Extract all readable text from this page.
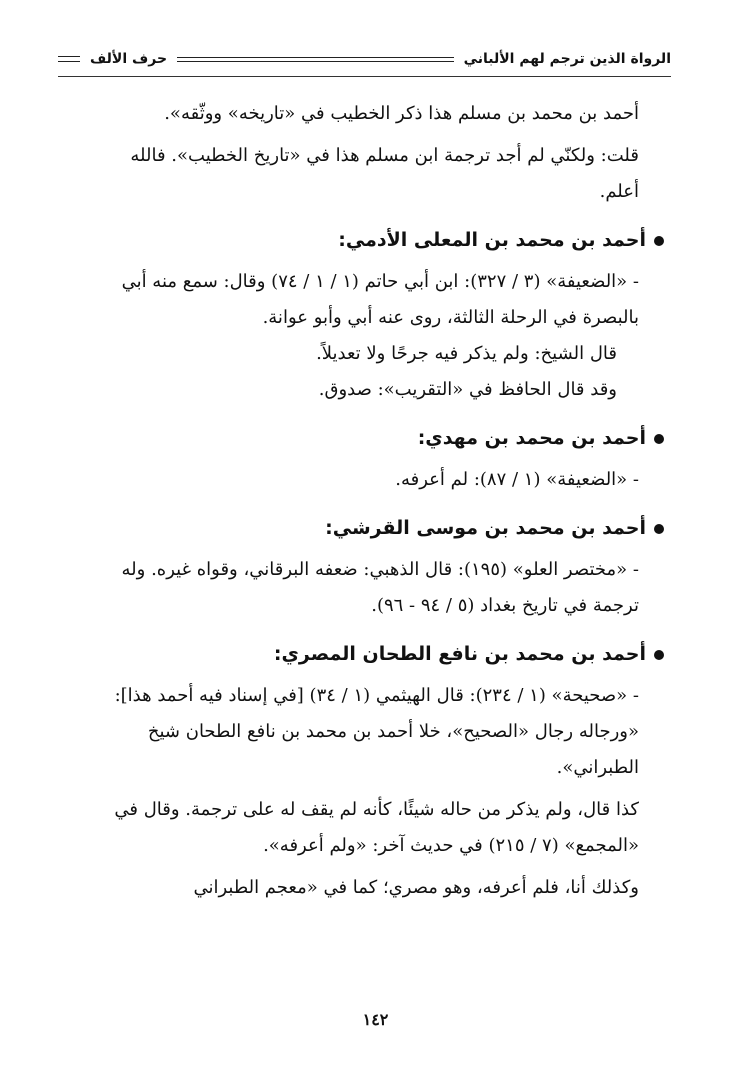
الرواة الذين ترجم لهم الألباني
حرف الألف

أحمد بن محمد بن مسلم هذا ذكر الخطيب في «تاريخه» ووثّقه».

قلت: ولكنّي لم أجد ترجمة ابن مسلم هذا في «تاريخ الخطيب». فالله أعلم.

أحمد بن محمد بن المعلى الأدمي:

- «الضعيفة» (٣ / ٣٢٧): ابن أبي حاتم (١ / ١ / ٧٤) وقال: سمع منه أبي بالبصرة في الرحلة الثالثة، روى عنه أبي وأبو عوانة.

قال الشيخ: ولم يذكر فيه جرحًا ولا تعديلاً.

وقد قال الحافظ في «التقريب»: صدوق.

أحمد بن محمد بن مهدي:

- «الضعيفة» (١ / ٨٧): لم أعرفه.

أحمد بن محمد بن موسى القرشي:

- «مختصر العلو» (١٩٥): قال الذهبي: ضعفه البرقاني، وقواه غيره. وله ترجمة في تاريخ بغداد (٥ / ٩٤ - ٩٦).

أحمد بن محمد بن نافع الطحان المصري:

- «صحيحة» (١ / ٢٣٤): قال الهيثمي (١ / ٣٤) [في إسناد فيه أحمد هذا]: «ورجاله رجال «الصحيح»، خلا أحمد بن محمد بن نافع الطحان شيخ الطبراني».

كذا قال، ولم يذكر من حاله شيئًا، كأنه لم يقف له على ترجمة. وقال في «المجمع» (٧ / ٢١٥) في حديث آخر: «ولم أعرفه».

وكذلك أنا، فلم أعرفه، وهو مصري؛ كما في «معجم الطبراني

١٤٢
